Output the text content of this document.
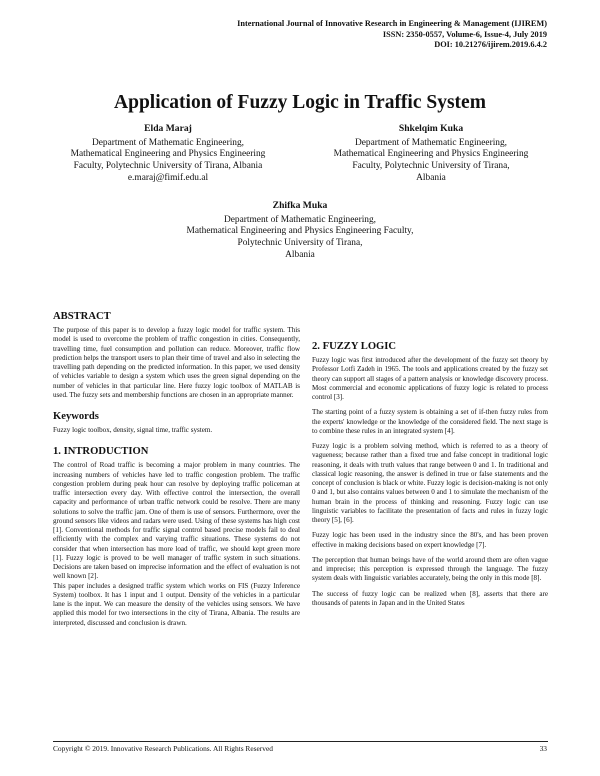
International Journal of Innovative Research in Engineering & Management (IJIREM)
ISSN: 2350-0557, Volume-6, Issue-4, July 2019
DOI: 10.21276/ijirem.2019.6.4.2
Application of Fuzzy Logic in Traffic System
Elda Maraj
Department of Mathematic Engineering,
Mathematical Engineering and Physics Engineering
Faculty, Polytechnic University of Tirana, Albania
e.maraj@fimif.edu.al
Shkelqim Kuka
Department of Mathematic Engineering,
Mathematical Engineering and Physics Engineering
Faculty, Polytechnic University of Tirana,
Albania
Zhifka Muka
Department of Mathematic Engineering,
Mathematical Engineering and Physics Engineering Faculty,
Polytechnic University of Tirana,
Albania
ABSTRACT

The purpose of this paper is to develop a fuzzy logic model for traffic system. This model is used to overcome the problem of traffic congestion in cities. Consequently, travelling time, fuel consumption and pollution can reduce. Moreover, traffic flow prediction helps the transport users to plan their time of travel and also in selecting the travelling path depending on the predicted information. In this paper, we used density of vehicles variable to design a system which uses the green signal depending on the number of vehicles in that particular line. Here fuzzy logic toolbox of MATLAB is used. The fuzzy sets and membership functions are chosen in an appropriate manner.

Keywords

Fuzzy logic toolbox, density, signal time, traffic system.

1. INTRODUCTION

The control of Road traffic is becoming a major problem in many countries. The increasing numbers of vehicles have led to traffic congestion problem. The traffic congestion problem during peak hour can resolve by deploying traffic policeman at traffic intersection every day. With effective control the intersection, the overall capacity and performance of urban traffic network could be resolve. There are many solutions to solve the traffic jam. One of them is use of sensors. Furthermore, over the ground sensors like videos and radars were used. Using of these systems has high cost [1]. Conventional methods for traffic signal control based precise models fail to deal efficiently with the complex and varying traffic situations. These systems do not consider that when intersection has more load of traffic, we should kept green more [1]. Fuzzy logic is proved to be well manager of traffic system in such situations. Decisions are taken based on imprecise information and the effect of evaluation is not well known [2].

This paper includes a designed traffic system which works on FIS (Fuzzy Inference System) toolbox. It has 1 input and 1 output. Density of the vehicles in a particular lane is the input. We can measure the density of the vehicles using sensors. We have applied this model for two intersections in the city of Tirana, Albania. The results are interpreted, discussed and conclusion is drawn.

2. FUZZY LOGIC

Fuzzy logic was first introduced after the development of the fuzzy set theory by Professor Lotfi Zadeh in 1965. The tools and applications created by the fuzzy set theory can support all stages of a pattern analysis or knowledge discovery process. Most commercial and economic applications of fuzzy logic is related to process control [3].

The starting point of a fuzzy system is obtaining a set of if-then fuzzy rules from the experts' knowledge or the knowledge of the considered field. The next stage is to combine these rules in an integrated system [4].

Fuzzy logic is a problem solving method, which is referred to as a theory of vagueness; because rather than a fixed true and false concept in traditional logic reasoning, it deals with truth values that range between 0 and 1. In traditional and classical logic reasoning, the answer is defined in true or false statements and the concept of conclusion is black or white. Fuzzy logic is decision-making is not only 0 and 1, but also contains values between 0 and 1 to simulate the mechanism of the human brain in the process of thinking and reasoning. Fuzzy logic can use linguistic variables to facilitate the presentation of facts and rules in fuzzy logic theory [5], [6].

Fuzzy logic has been used in the industry since the 80's, and has been proven effective in making decisions based on expert knowledge [7].

The perception that human beings have of the world around them are often vague and imprecise; this perception is expressed through the language. The fuzzy system deals with linguistic variables accurately, being the only in this mode [8].

The success of fuzzy logic can be realized when [8], asserts that there are thousands of patents in Japan and in the United States

Copyright © 2019. Innovative Research Publications. All Rights Reserved	33
